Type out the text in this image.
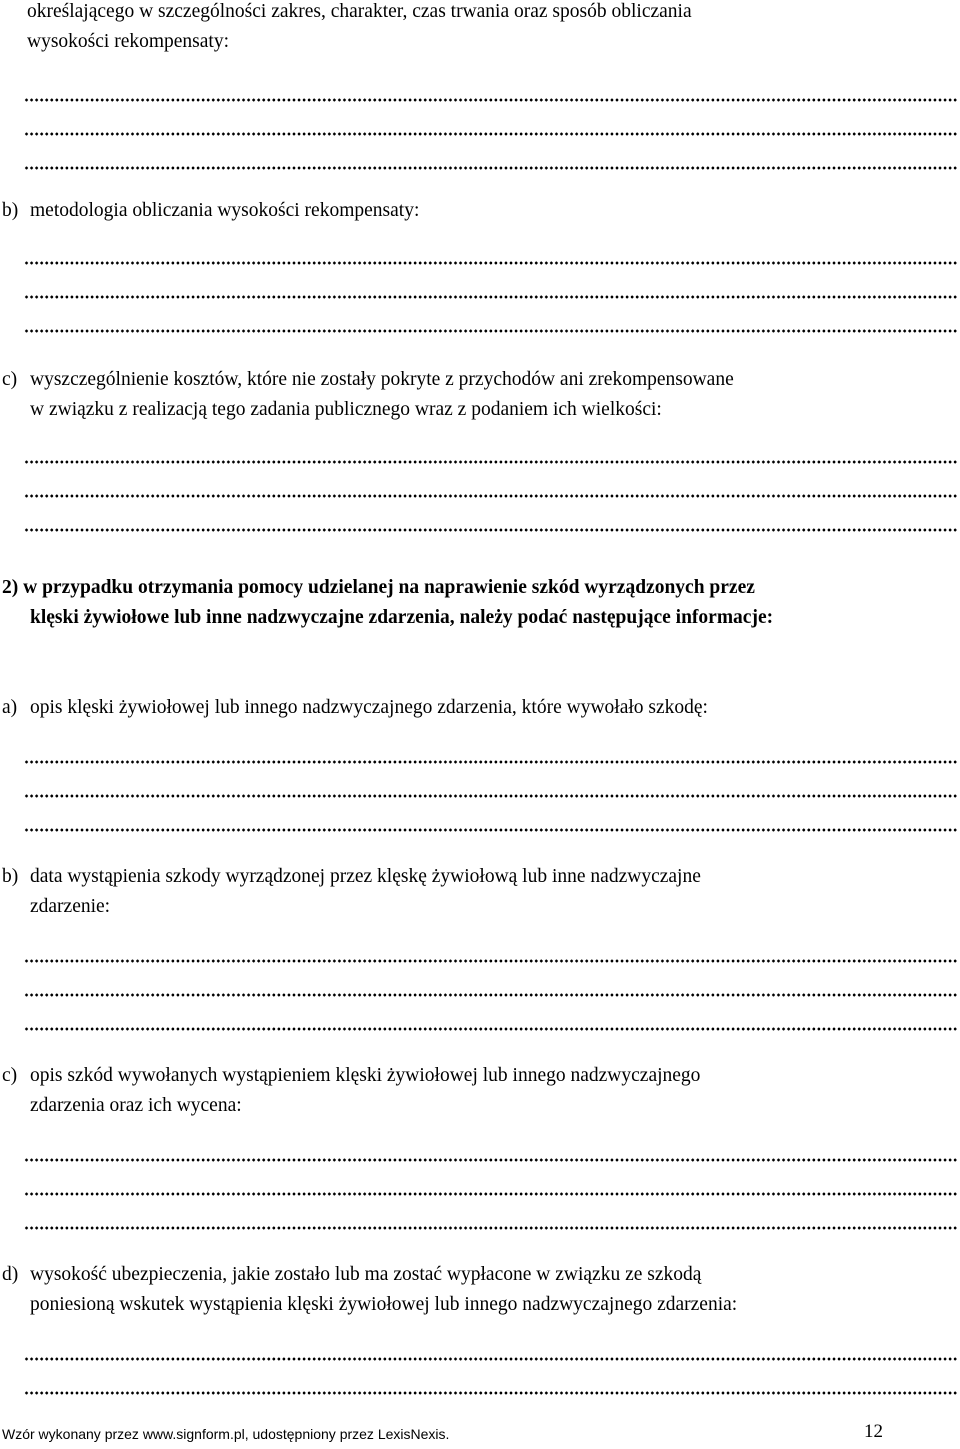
określającego w szczególności zakres, charakter, czas trwania oraz sposób obliczania
wysokości rekompensaty:
b) metodologia obliczania wysokości rekompensaty:
c) wyszczególnienie kosztów, które nie zostały pokryte z przychodów ani zrekompensowane
w związku z realizacją tego zadania publicznego wraz z podaniem ich wielkości:
2) w przypadku otrzymania pomocy udzielanej na naprawienie szkód wyrządzonych przez
klęski żywiołowe lub inne nadzwyczajne zdarzenia, należy podać następujące informacje:
a) opis klęski żywiołowej lub innego nadzwyczajnego zdarzenia, które wywołało szkodę:
b) data wystąpienia szkody wyrządzonej przez klęskę żywiołową lub inne nadzwyczajne
zdarzenie:
c) opis szkód wywołanych wystąpieniem klęski żywiołowej lub innego nadzwyczajnego
zdarzenia oraz ich wycena:
d) wysokość ubezpieczenia, jakie zostało lub ma zostać wypłacone w związku ze szkodą
poniesioną wskutek wystąpienia klęski żywiołowej lub innego nadzwyczajnego zdarzenia:
Wzór wykonany przez www.signform.pl, udostępniony przez LexisNexis.	12
